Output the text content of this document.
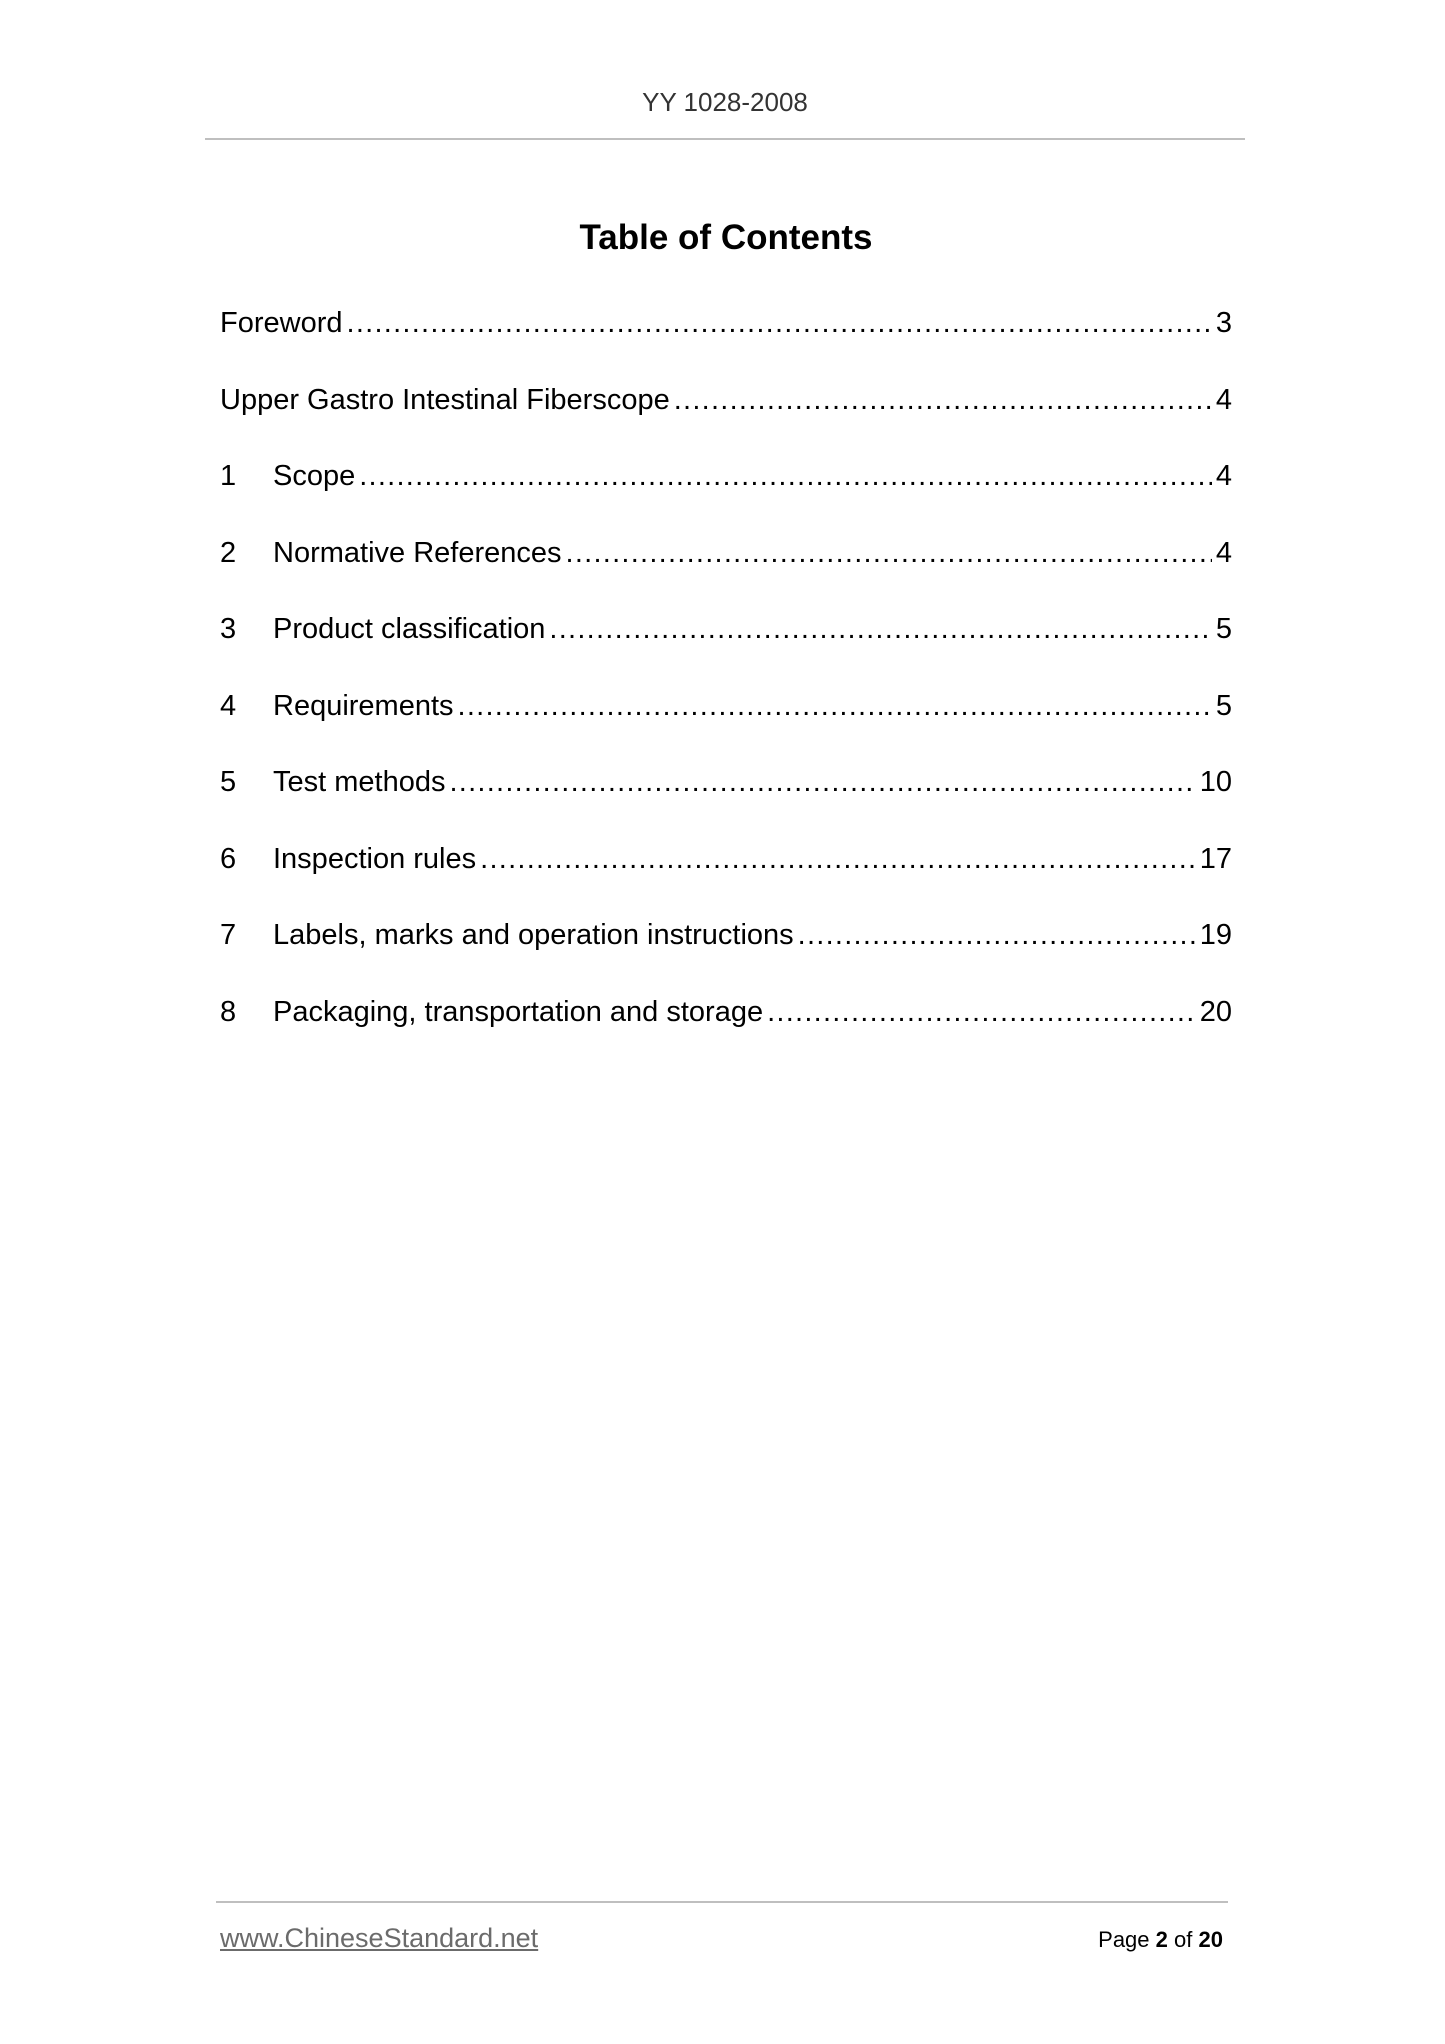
YY 1028-2008
Table of Contents
Foreword . . .	3
Upper Gastro Intestinal Fiberscope . . .	4
1	Scope . . .	4
2	Normative References . . .	4
3	Product classification . . .	5
4	Requirements . . .	5
5	Test methods . . .	10
6	Inspection rules . . .	17
7	Labels, marks and operation instructions . . .	19
8	Packaging, transportation and storage . . .	20
www.ChineseStandard.net	Page 2 of 20
